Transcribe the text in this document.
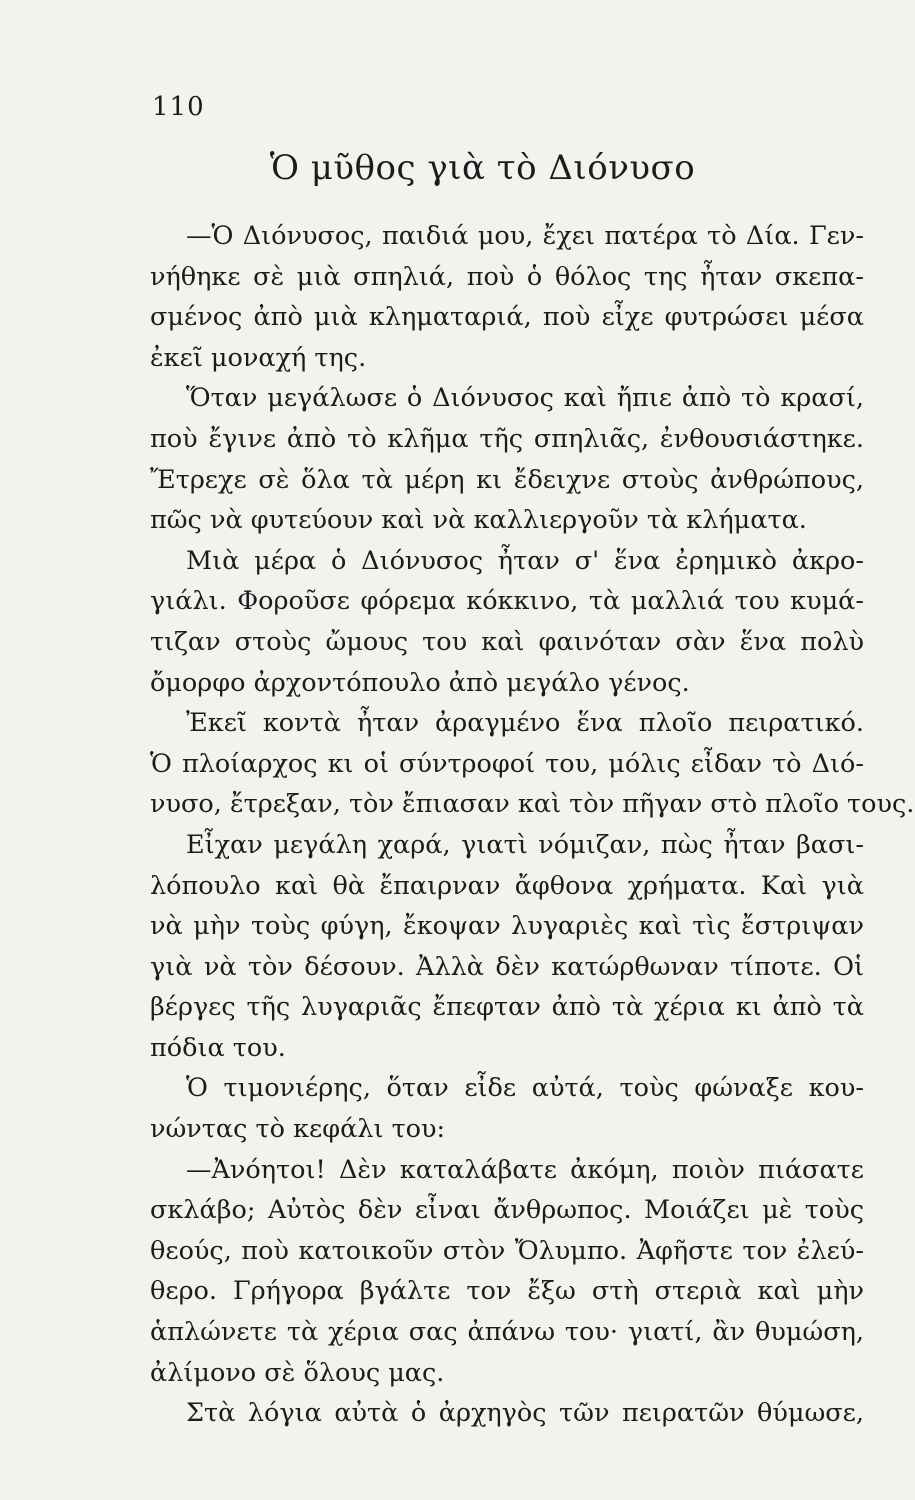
110
Ὁ μῦθος γιὰ τὸ Διόνυσο
—Ὁ Διόνυσος, παιδιά μου, ἔχει πατέρα τὸ Δία. Γεν-
νήθηκε σὲ μιὰ σπηλιά, ποὺ ὁ θόλος της ἦταν σκεπα-
σμένος ἀπὸ μιὰ κληματαριά, ποὺ εἶχε φυτρώσει μέσα
ἐκεῖ μοναχή της.
Ὅταν μεγάλωσε ὁ Διόνυσος καὶ ἤπιε ἀπὸ τὸ κρασί,
ποὺ ἔγινε ἀπὸ τὸ κλῆμα τῆς σπηλιᾶς, ἐνθουσιάστηκε.
Ἔτρεχε σὲ ὅλα τὰ μέρη κι ἔδειχνε στοὺς ἀνθρώπους,
πῶς νὰ φυτεύουν καὶ νὰ καλλιεργοῦν τὰ κλήματα.
Μιὰ μέρα ὁ Διόνυσος ἦταν σ' ἕνα ἐρημικὸ ἀκρο-
γιάλι. Φοροῦσε φόρεμα κόκκινο, τὰ μαλλιά του κυμά-
τιζαν στοὺς ὤμους του καὶ φαινόταν σὰν ἕνα πολὺ
ὄμορφο ἀρχοντόπουλο ἀπὸ μεγάλο γένος.
Ἐκεῖ κοντὰ ἦταν ἀραγμένο ἕνα πλοῖο πειρατικό.
Ὁ πλοίαρχος κι οἱ σύντροφοί του, μόλις εἶδαν τὸ Διό-
νυσο, ἔτρεξαν, τὸν ἔπιασαν καὶ τὸν πῆγαν στὸ πλοῖο τους.
Εἶχαν μεγάλη χαρά, γιατὶ νόμιζαν, πὼς ἦταν βασι-
λόπουλο καὶ θὰ ἔπαιρναν ἄφθονα χρήματα. Καὶ γιὰ
νὰ μὴν τοὺς φύγη, ἔκοψαν λυγαριὲς καὶ τὶς ἔστριψαν
γιὰ νὰ τὸν δέσουν. Ἀλλὰ δὲν κατώρθωναν τίποτε. Οἱ
βέργες τῆς λυγαριᾶς ἔπεφταν ἀπὸ τὰ χέρια κι ἀπὸ τὰ
πόδια του.
Ὁ τιμονιέρης, ὅταν εἶδε αὐτά, τοὺς φώναξε κου-
νώντας τὸ κεφάλι του:
—Ἀνόητοι! Δὲν καταλάβατε ἀκόμη, ποιὸν πιάσατε
σκλάβο; Αὐτὸς δὲν εἶναι ἄνθρωπος. Μοιάζει μὲ τοὺς
θεούς, ποὺ κατοικοῦν στὸν Ὄλυμπο. Ἀφῆστε τον ἐλεύ-
θερο. Γρήγορα βγάλτε τον ἔξω στὴ στεριὰ καὶ μὴν
ἁπλώνετε τὰ χέρια σας ἀπάνω του· γιατί, ἂν θυμώση,
ἀλίμονο σὲ ὅλους μας.
Στὰ λόγια αὐτὰ ὁ ἀρχηγὸς τῶν πειρατῶν θύμωσε,
